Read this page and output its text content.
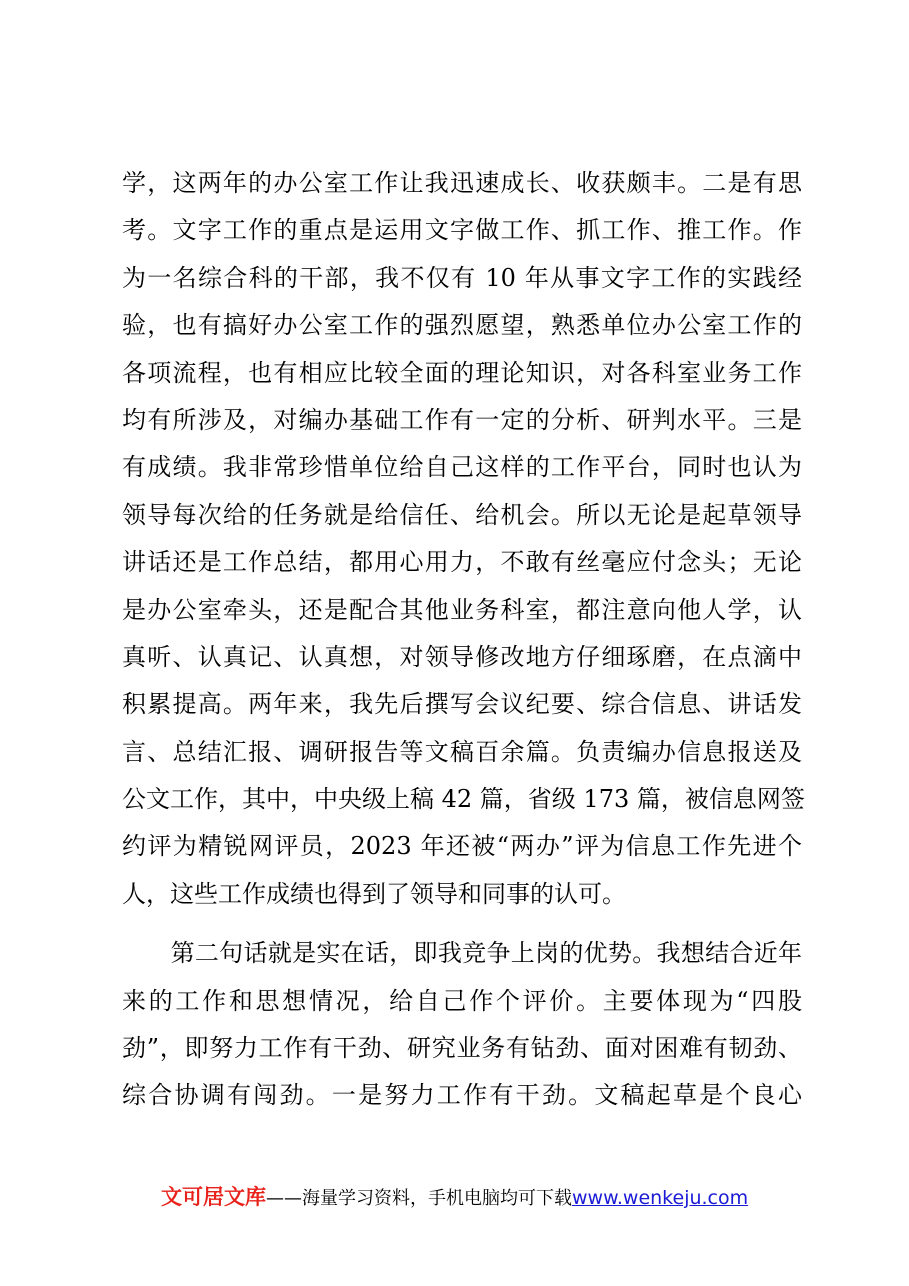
学，这两年的办公室工作让我迅速成长、收获颇丰。二是有思
考。文字工作的重点是运用文字做工作、抓工作、推工作。作
为一名综合科的干部，我不仅有 10 年从事文字工作的实践经
验，也有搞好办公室工作的强烈愿望，熟悉单位办公室工作的
各项流程，也有相应比较全面的理论知识，对各科室业务工作
均有所涉及，对编办基础工作有一定的分析、研判水平。三是
有成绩。我非常珍惜单位给自己这样的工作平台，同时也认为
领导每次给的任务就是给信任、给机会。所以无论是起草领导
讲话还是工作总结，都用心用力，不敢有丝毫应付念头；无论
是办公室牵头，还是配合其他业务科室，都注意向他人学，认
真听、认真记、认真想，对领导修改地方仔细琢磨，在点滴中
积累提高。两年来，我先后撰写会议纪要、综合信息、讲话发
言、总结汇报、调研报告等文稿百余篇。负责编办信息报送及
公文工作，其中，中央级上稿 42 篇，省级 173 篇，被信息网签
约评为精锐网评员，2023 年还被“两办”评为信息工作先进个
人，这些工作成绩也得到了领导和同事的认可。
　　第二句话就是实在话，即我竞争上岗的优势。我想结合近年
来的工作和思想情况，给自己作个评价。主要体现为“四股
劲”，即努力工作有干劲、研究业务有钻劲、面对困难有韧劲、
综合协调有闯劲。一是努力工作有干劲。文稿起草是个良心
文可居文库——海量学习资料，手机电脑均可下载www.wenkeju.com
